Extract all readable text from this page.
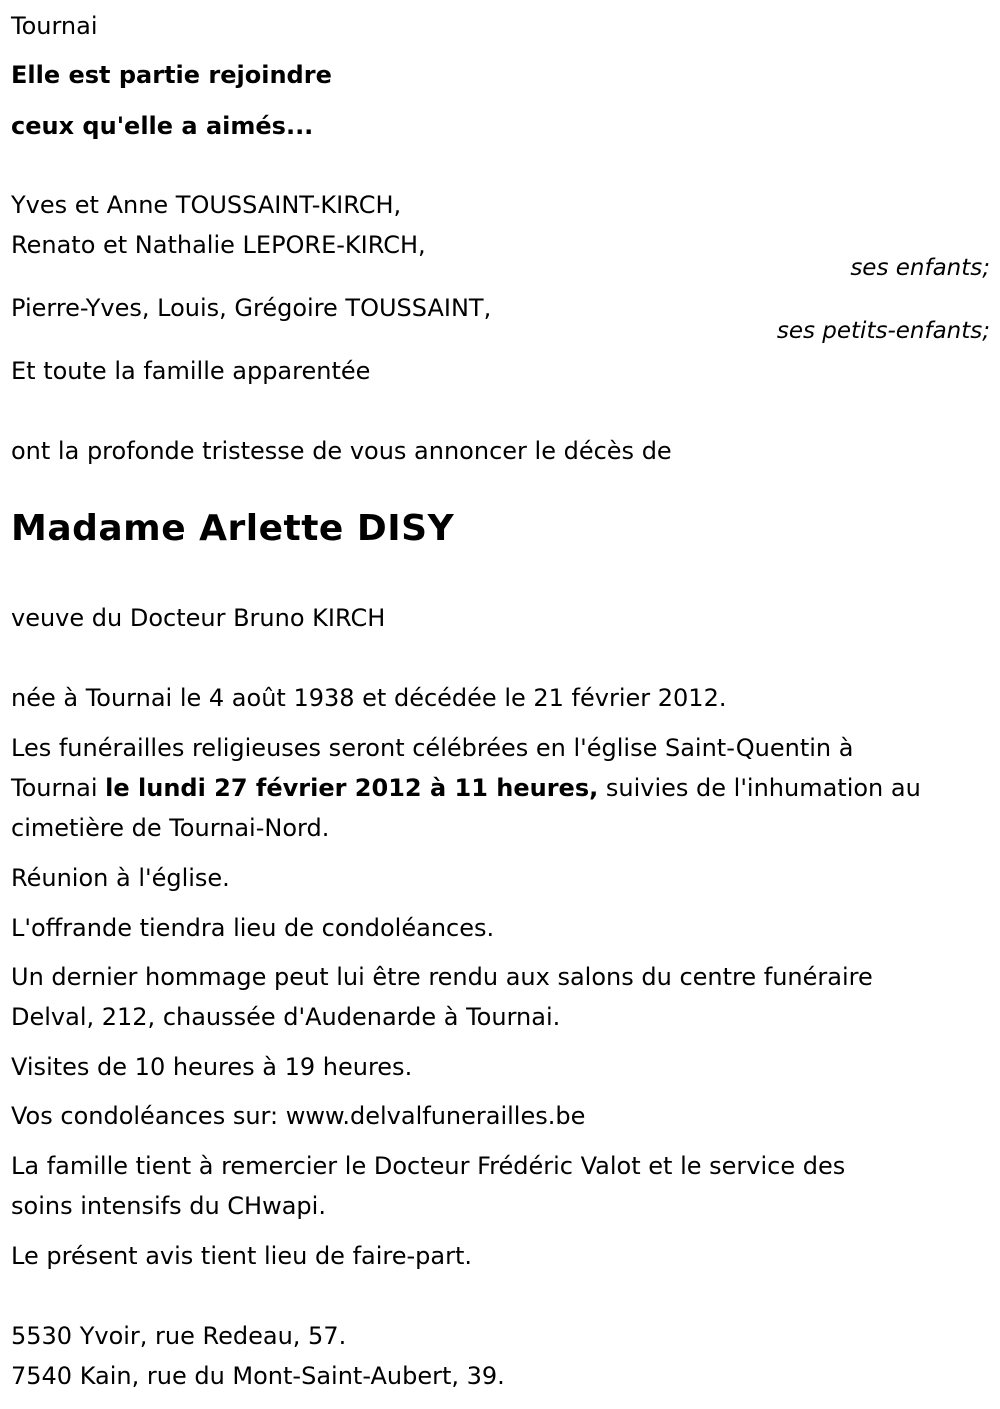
Tournai
Elle est partie rejoindre
ceux qu'elle a aimés...
Yves et Anne TOUSSAINT-KIRCH,
Renato et Nathalie LEPORE-KIRCH,
ses enfants;
Pierre-Yves, Louis, Grégoire TOUSSAINT,
ses petits-enfants;
Et toute la famille apparentée
ont la profonde tristesse de vous annoncer le décès de
Madame Arlette DISY
veuve du Docteur Bruno KIRCH
née à Tournai le 4 août 1938 et décédée le 21 février 2012.
Les funérailles religieuses seront célébrées en l'église Saint-Quentin à
Tournai le lundi 27 février 2012 à 11 heures, suivies de l'inhumation au
cimetière de Tournai-Nord.
Réunion à l'église.
L'offrande tiendra lieu de condoléances.
Un dernier hommage peut lui être rendu aux salons du centre funéraire
Delval, 212, chaussée d'Audenarde à Tournai.
Visites de 10 heures à 19 heures.
Vos condoléances sur: www.delvalfunerailles.be
La famille tient à remercier le Docteur Frédéric Valot et le service des
soins intensifs du CHwapi.
Le présent avis tient lieu de faire-part.
5530 Yvoir, rue Redeau, 57.
7540 Kain, rue du Mont-Saint-Aubert, 39.
